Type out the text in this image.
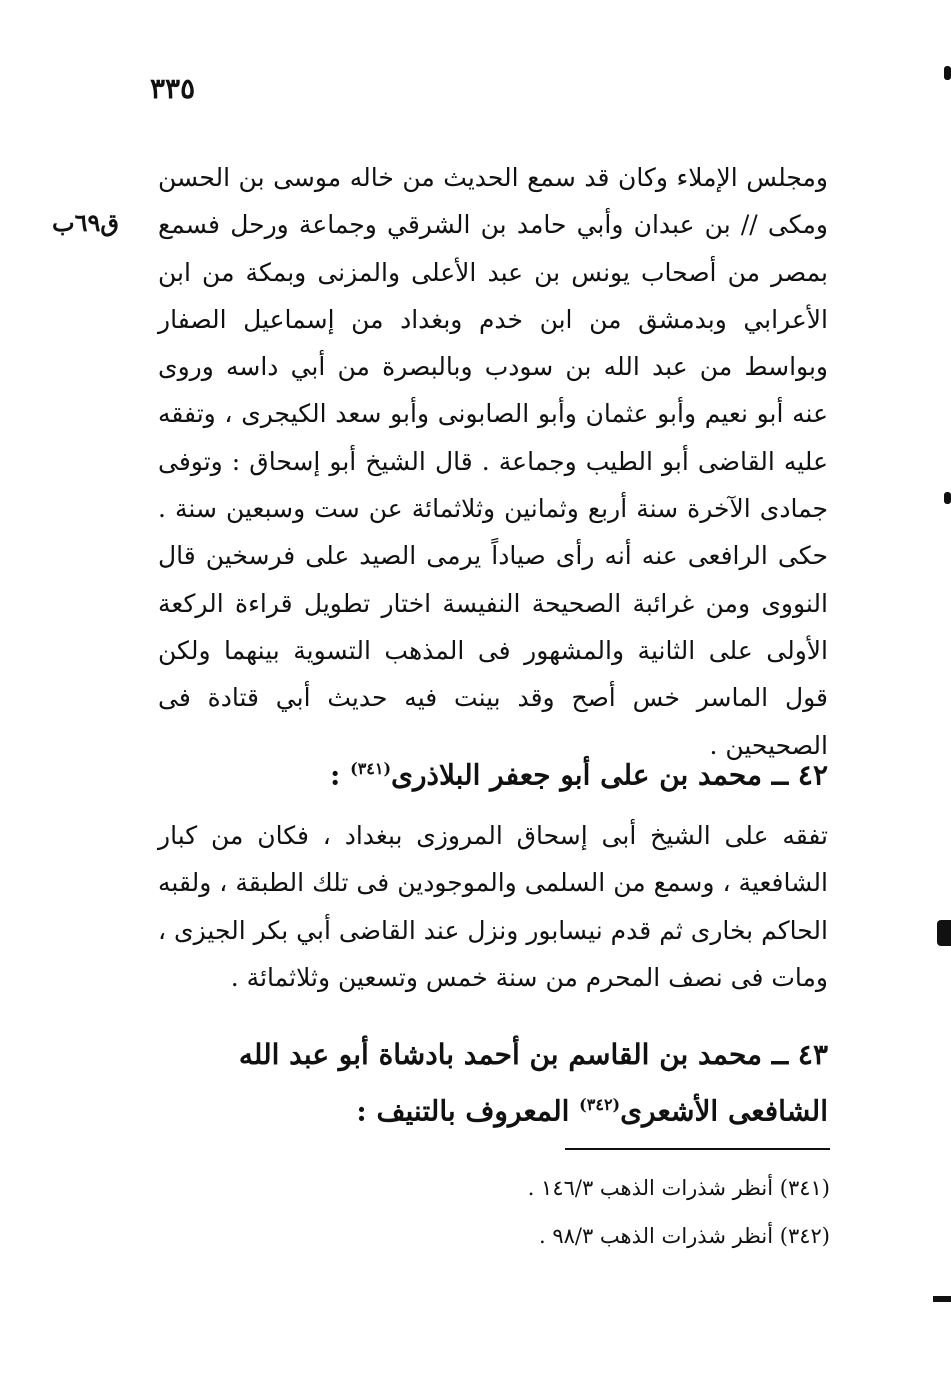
٣٣٥
ق٦٩ب
ومجلس الإملاء وكان قد سمع الحديث من خاله موسى بن الحسن ومكى // بن عبدان وأبي حامد بن الشرقي وجماعة ورحل فسمع بمصر من أصحاب يونس بن عبد الأعلى والمزنى وبمكة من ابن الأعرابي وبدمشق من ابن خدم وبغداد من إسماعيل الصفار وبواسط من عبد الله بن سودب وبالبصرة من أبي داسه وروى عنه أبو نعيم وأبو عثمان وأبو الصابونى وأبو سعد الكيجرى ، وتفقه عليه القاضى أبو الطيب وجماعة . قال الشيخ أبو إسحاق : وتوفى جمادى الآخرة سنة أربع وثمانين وثلاثمائة عن ست وسبعين سنة . حكى الرافعى عنه أنه رأى صياداً يرمى الصيد على فرسخين قال النووى ومن غرائبة الصحيحة النفيسة اختار تطويل قراءة الركعة الأولى على الثانية والمشهور فى المذهب التسوية بينهما ولكن قول الماسر خس أصح وقد بينت فيه حديث أبي قتادة فى الصحيحين .
٤٢ ــ محمد بن على أبو جعفر البلاذرى$^{(٣٤١)}$ :
تفقه على الشيخ أبى إسحاق المروزى ببغداد ، فكان من كبار الشافعية ، وسمع من السلمى والموجودين فى تلك الطبقة ، ولقبه الحاكم بخارى ثم قدم نيسابور ونزل عند القاضى أبي بكر الجيزى ، ومات فى نصف المحرم من سنة خمس وتسعين وثلاثمائة .
٤٣ ــ محمد بن القاسم بن أحمد بادشاة أبو عبد الله الشافعى الأشعرى$^{(٣٤٢)}$ المعروف بالتنيف :
(٣٤١) أنظر شذرات الذهب ١٤٦/٣ .
(٣٤٢) أنظر شذرات الذهب ٩٨/٣ .
